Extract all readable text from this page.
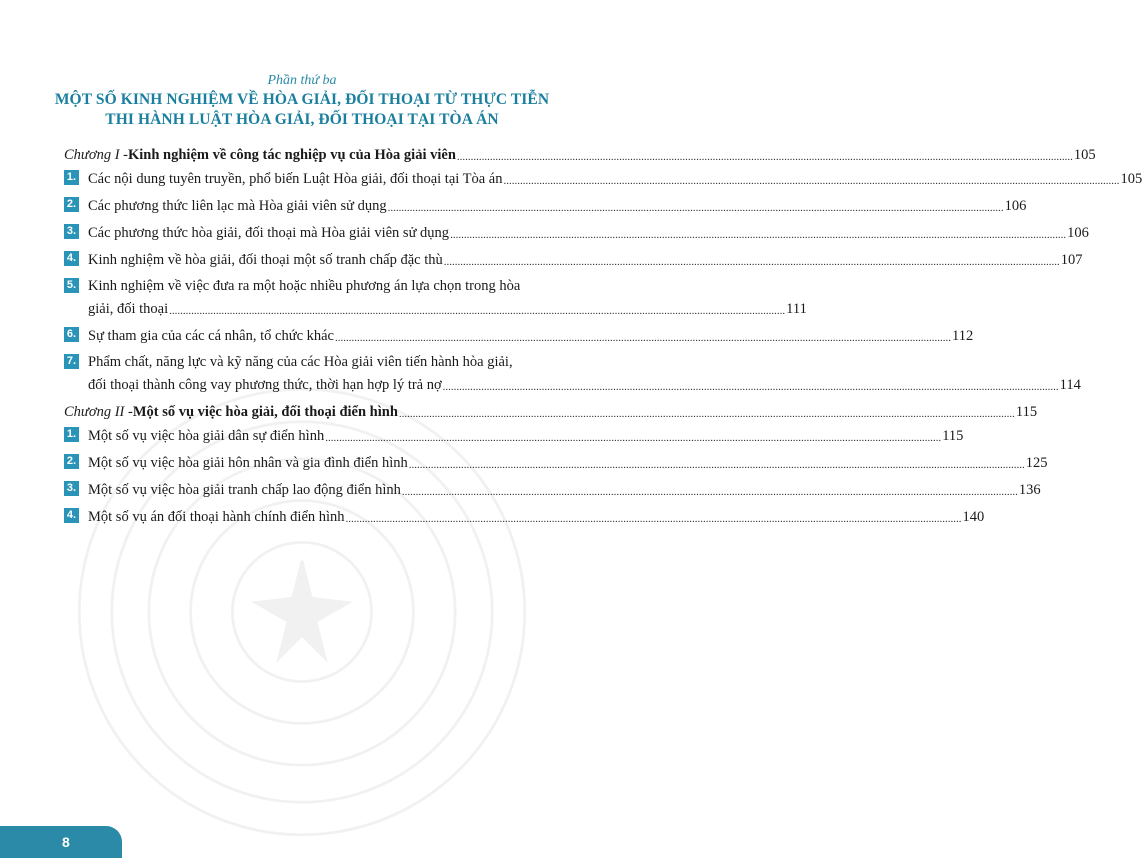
Phần thứ ba
MỘT SỐ KINH NGHIỆM VỀ HÒA GIẢI, ĐỐI THOẠI TỪ THỰC TIỄN
THI HÀNH LUẬT HÒA GIẢI, ĐỐI THOẠI TẠI TÒA ÁN
Chương I - Kinh nghiệm về công tác nghiệp vụ của Hòa giải viên .....	105
1. Các nội dung tuyên truyền, phổ biến Luật Hòa giải, đối thoại tại Tòa án .....	105
2. Các phương thức liên lạc mà Hòa giải viên sử dụng .....	106
3. Các phương thức hòa giải, đối thoại mà Hòa giải viên sử dụng .....	106
4. Kinh nghiệm về hòa giải, đối thoại một số tranh chấp đặc thù .....	107
5. Kinh nghiệm về việc đưa ra một hoặc nhiều phương án lựa chọn trong hòa
giải, đối thoại .....	111
6. Sự tham gia của các cá nhân, tổ chức khác .....	112
7. Phẩm chất, năng lực và kỹ năng của các Hòa giải viên tiến hành hòa giải,
đối thoại thành công vay phương thức, thời hạn hợp lý trả nợ .....	114
Chương II - Một số vụ việc hòa giải, đối thoại điển hình .....	115
1. Một số vụ việc hòa giải dân sự điển hình .....	115
2. Một số vụ việc hòa giải hôn nhân và gia đình điển hình .....	125
3. Một số vụ việc hòa giải tranh chấp lao động điển hình .....	136
4. Một số vụ án đối thoại hành chính điển hình .....	140
8
